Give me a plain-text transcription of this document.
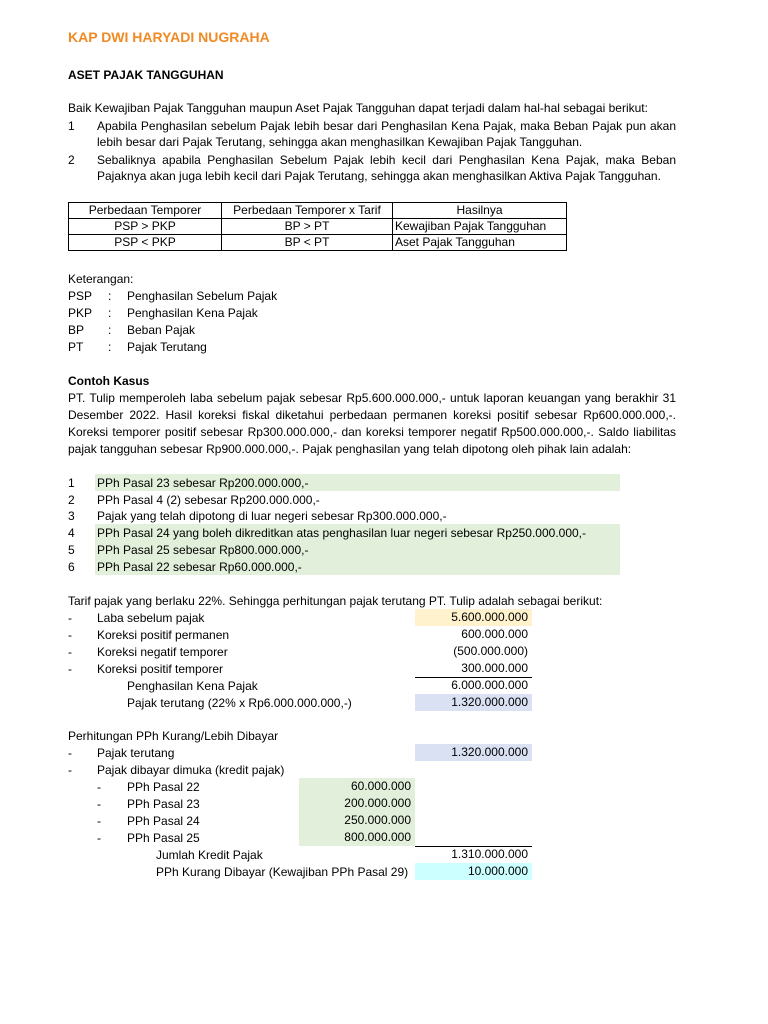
KAP DWI HARYADI NUGRAHA
ASET PAJAK TANGGUHAN
Baik Kewajiban Pajak Tangguhan maupun Aset Pajak Tangguhan dapat terjadi dalam hal-hal sebagai berikut:
1 Apabila Penghasilan sebelum Pajak lebih besar dari Penghasilan Kena Pajak, maka Beban Pajak pun akan lebih besar dari Pajak Terutang, sehingga akan menghasilkan Kewajiban Pajak Tangguhan.
2 Sebaliknya apabila Penghasilan Sebelum Pajak lebih kecil dari Penghasilan Kena Pajak, maka Beban Pajaknya akan juga lebih kecil dari Pajak Terutang, sehingga akan menghasilkan Aktiva Pajak Tangguhan.
Perbedaan Temporer	Perbedaan Temporer x Tarif	Hasilnya
PSP > PKP	BP > PT	Kewajiban Pajak Tangguhan
PSP < PKP	BP < PT	Aset Pajak Tangguhan
Keterangan:
PSP : Penghasilan Sebelum Pajak
PKP : Penghasilan Kena Pajak
BP : Beban Pajak
PT : Pajak Terutang
Contoh Kasus
PT. Tulip memperoleh laba sebelum pajak sebesar Rp5.600.000.000,- untuk laporan keuangan yang berakhir 31 Desember 2022. Hasil koreksi fiskal diketahui perbedaan permanen koreksi positif sebesar Rp600.000.000,-. Koreksi temporer positif sebesar Rp300.000.000,- dan koreksi temporer negatif Rp500.000.000,-. Saldo liabilitas pajak tangguhan sebesar Rp900.000.000,-. Pajak penghasilan yang telah dipotong oleh pihak lain adalah:
1 PPh Pasal 23 sebesar Rp200.000.000,-
2 PPh Pasal 4 (2) sebesar Rp200.000.000,-
3 Pajak yang telah dipotong di luar negeri sebesar Rp300.000.000,-
4 PPh Pasal 24 yang boleh dikreditkan atas penghasilan luar negeri sebesar Rp250.000.000,-
5 PPh Pasal 25 sebesar Rp800.000.000,-
6 PPh Pasal 22 sebesar Rp60.000.000,-
Tarif pajak yang berlaku 22%. Sehingga perhitungan pajak terutang PT. Tulip adalah sebagai berikut:
- Laba sebelum pajak	5.600.000.000
- Koreksi positif permanen	600.000.000
- Koreksi negatif temporer	(500.000.000)
- Koreksi positif temporer	300.000.000
Penghasilan Kena Pajak	6.000.000.000
Pajak terutang (22% x Rp6.000.000.000,-)	1.320.000.000
Perhitungan PPh Kurang/Lebih Dibayar
- Pajak terutang	1.320.000.000
- Pajak dibayar dimuka (kredit pajak)
- PPh Pasal 22	60.000.000
- PPh Pasal 23	200.000.000
- PPh Pasal 24	250.000.000
- PPh Pasal 25	800.000.000
Jumlah Kredit Pajak	1.310.000.000
PPh Kurang Dibayar (Kewajiban PPh Pasal 29)	10.000.000
